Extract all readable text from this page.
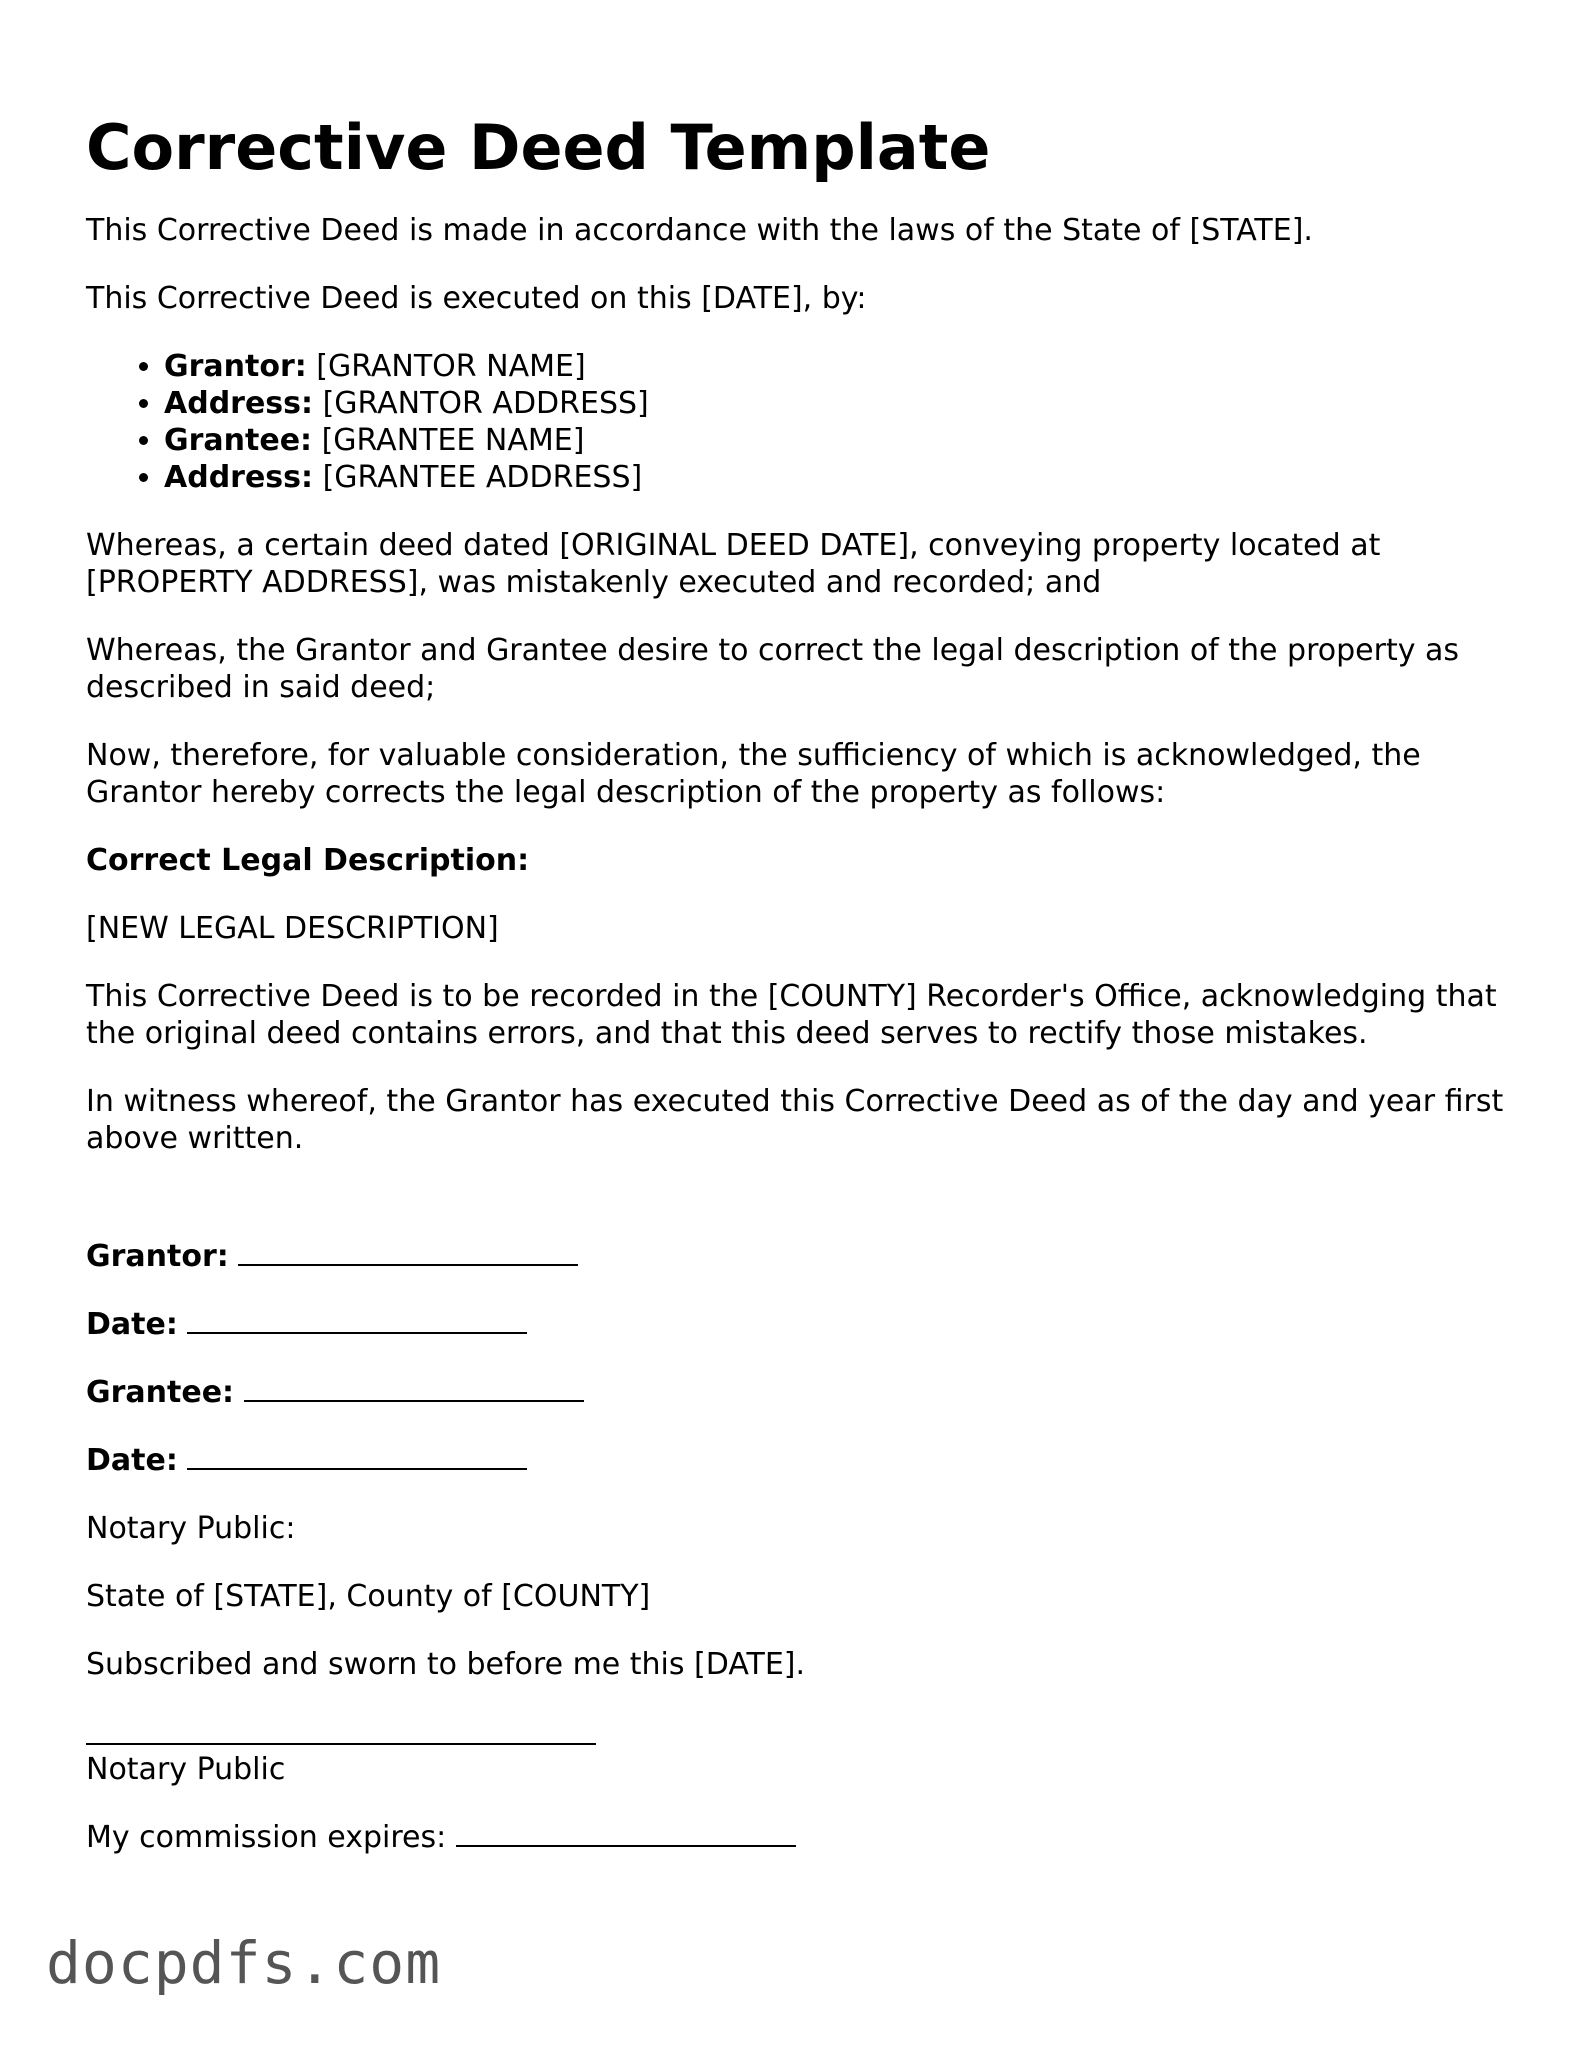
Corrective Deed Template

This Corrective Deed is made in accordance with the laws of the State of [STATE].

This Corrective Deed is executed on this [DATE], by:

• Grantor: [GRANTOR NAME]
• Address: [GRANTOR ADDRESS]
• Grantee: [GRANTEE NAME]
• Address: [GRANTEE ADDRESS]

Whereas, a certain deed dated [ORIGINAL DEED DATE], conveying property located at [PROPERTY ADDRESS], was mistakenly executed and recorded; and

Whereas, the Grantor and Grantee desire to correct the legal description of the property as described in said deed;

Now, therefore, for valuable consideration, the sufficiency of which is acknowledged, the Grantor hereby corrects the legal description of the property as follows:

Correct Legal Description:

[NEW LEGAL DESCRIPTION]

This Corrective Deed is to be recorded in the [COUNTY] Recorder's Office, acknowledging that the original deed contains errors, and that this deed serves to rectify those mistakes.

In witness whereof, the Grantor has executed this Corrective Deed as of the day and year first above written.

Grantor:

Date:

Grantee:

Date:

Notary Public:

State of [STATE], County of [COUNTY]

Subscribed and sworn to before me this [DATE].

Notary Public

My commission expires:

docpdfs.com
